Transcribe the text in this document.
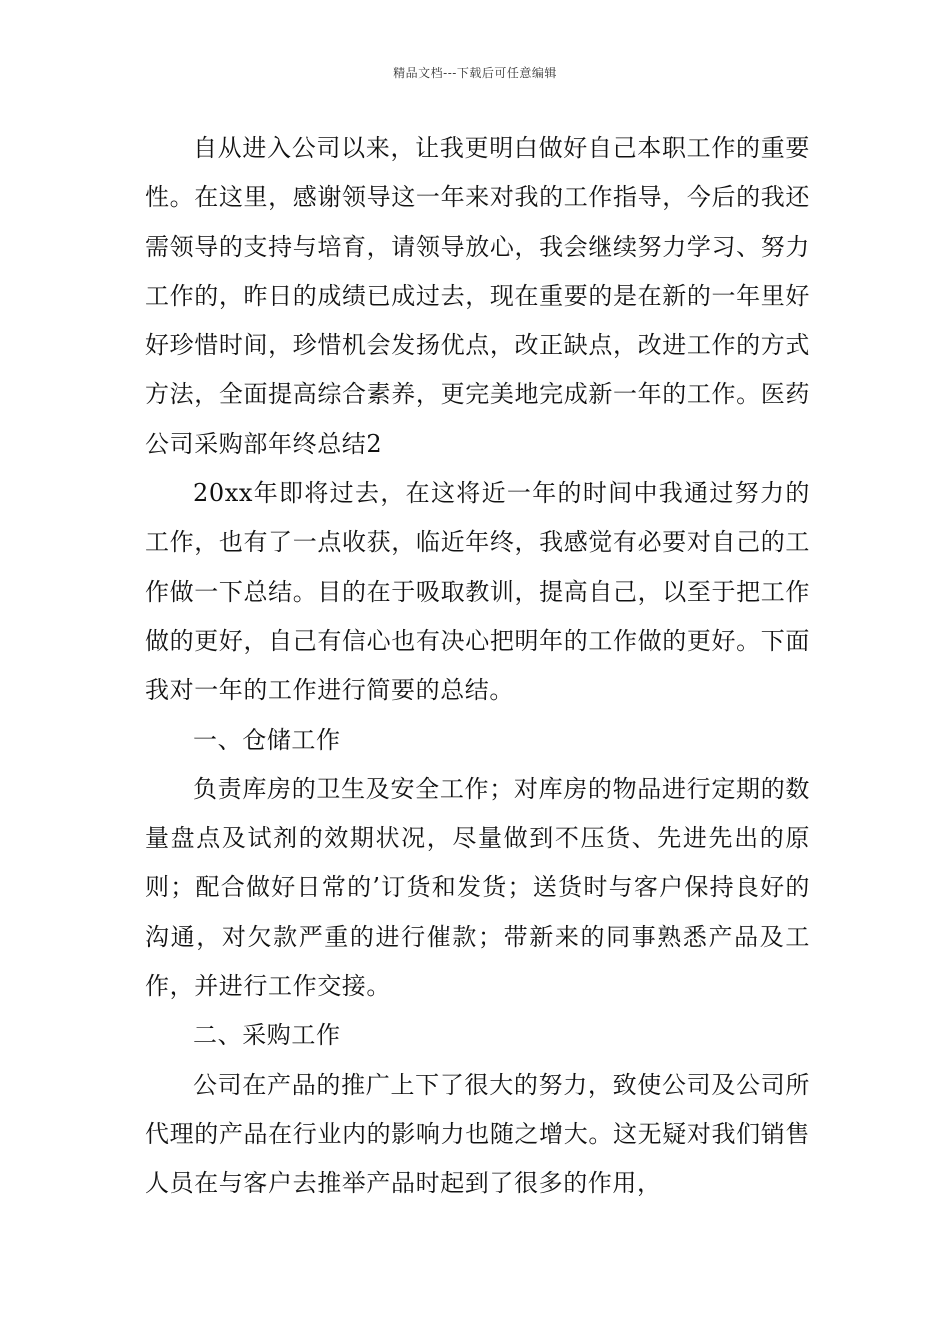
精品文档---下载后可任意编辑

自从进入公司以来，让我更明白做好自己本职工作的重要性。在这里，感谢领导这一年来对我的工作指导，今后的我还需领导的支持与培育，请领导放心，我会继续努力学习、努力工作的，昨日的成绩已成过去，现在重要的是在新的一年里好好珍惜时间，珍惜机会发扬优点，改正缺点，改进工作的方式方法，全面提高综合素养，更完美地完成新一年的工作。医药公司采购部年终总结2

20xx年即将过去，在这将近一年的时间中我通过努力的工作，也有了一点收获，临近年终，我感觉有必要对自己的工作做一下总结。目的在于吸取教训，提高自己，以至于把工作做的更好，自己有信心也有决心把明年的工作做的更好。下面我对一年的工作进行简要的总结。

一、仓储工作

负责库房的卫生及安全工作；对库房的物品进行定期的数量盘点及试剂的效期状况，尽量做到不压货、先进先出的原则；配合做好日常的’订货和发货；送货时与客户保持良好的沟通，对欠款严重的进行催款；带新来的同事熟悉产品及工作，并进行工作交接。

二、采购工作

公司在产品的推广上下了很大的努力，致使公司及公司所代理的产品在行业内的影响力也随之增大。这无疑对我们销售人员在与客户去推举产品时起到了很多的作用，
